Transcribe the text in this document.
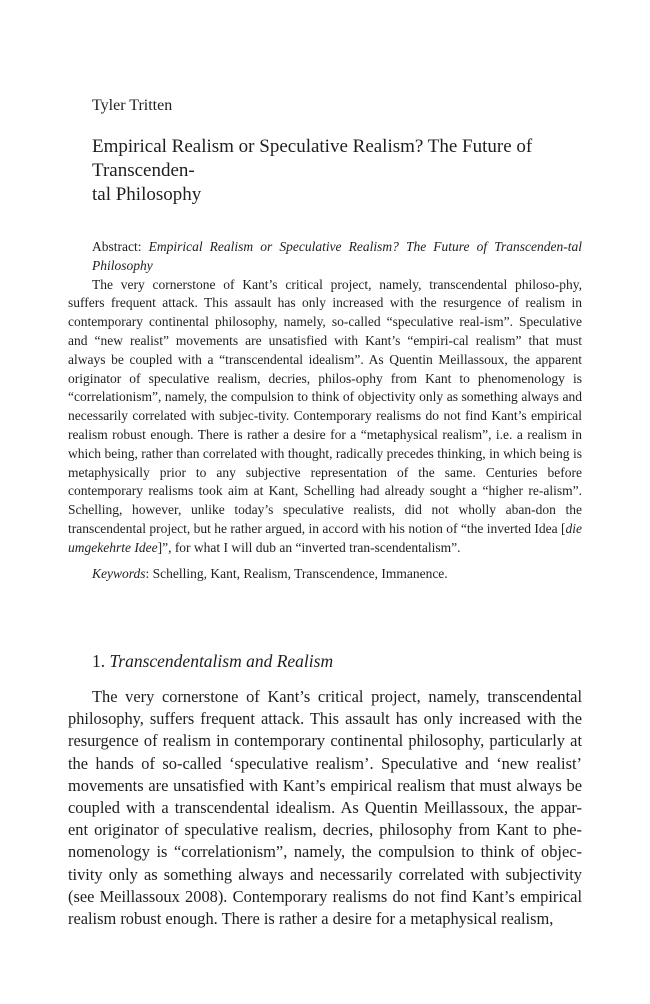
Tyler Tritten
Empirical Realism or Speculative Realism? The Future of Transcenden-
tal Philosophy

Abstract: Empirical Realism or Speculative Realism? The Future of Transcenden-tal Philosophy

The very cornerstone of Kant’s critical project, namely, transcendental philoso-phy, suffers frequent attack. This assault has only increased with the resurgence of realism in contemporary continental philosophy, namely, so-called “speculative real-ism”. Speculative and “new realist” movements are unsatisfied with Kant’s “empiri-cal realism” that must always be coupled with a “transcendental idealism”. As Quentin Meillassoux, the apparent originator of speculative realism, decries, philos-ophy from Kant to phenomenology is “correlationism”, namely, the compulsion to think of objectivity only as something always and necessarily correlated with subjec-tivity. Contemporary realisms do not find Kant’s empirical realism robust enough. There is rather a desire for a “metaphysical realism”, i.e. a realism in which being, rather than correlated with thought, radically precedes thinking, in which being is metaphysically prior to any subjective representation of the same. Centuries before contemporary realisms took aim at Kant, Schelling had already sought a “higher re-alism”. Schelling, however, unlike today’s speculative realists, did not wholly aban-don the transcendental project, but he rather argued, in accord with his notion of “the inverted Idea [die umgekehrte Idee]”, for what I will dub an “inverted tran-scendentalism”.

Keywords: Schelling, Kant, Realism, Transcendence, Immanence.

1. Transcendentalism and Realism

The very cornerstone of Kant’s critical project, namely, transcendental philosophy, suffers frequent attack. This assault has only increased with the resurgence of realism in contemporary continental philosophy, particularly at the hands of so-called ‘speculative realism’. Speculative and ‘new realist’ movements are unsatisfied with Kant’s empirical realism that must always be coupled with a transcendental idealism. As Quentin Meillassoux, the appar-ent originator of speculative realism, decries, philosophy from Kant to phe-nomenology is “correlationism”, namely, the compulsion to think of objec-tivity only as something always and necessarily correlated with subjectivity (see Meillassoux 2008). Contemporary realisms do not find Kant’s empirical realism robust enough. There is rather a desire for a metaphysical realism,
